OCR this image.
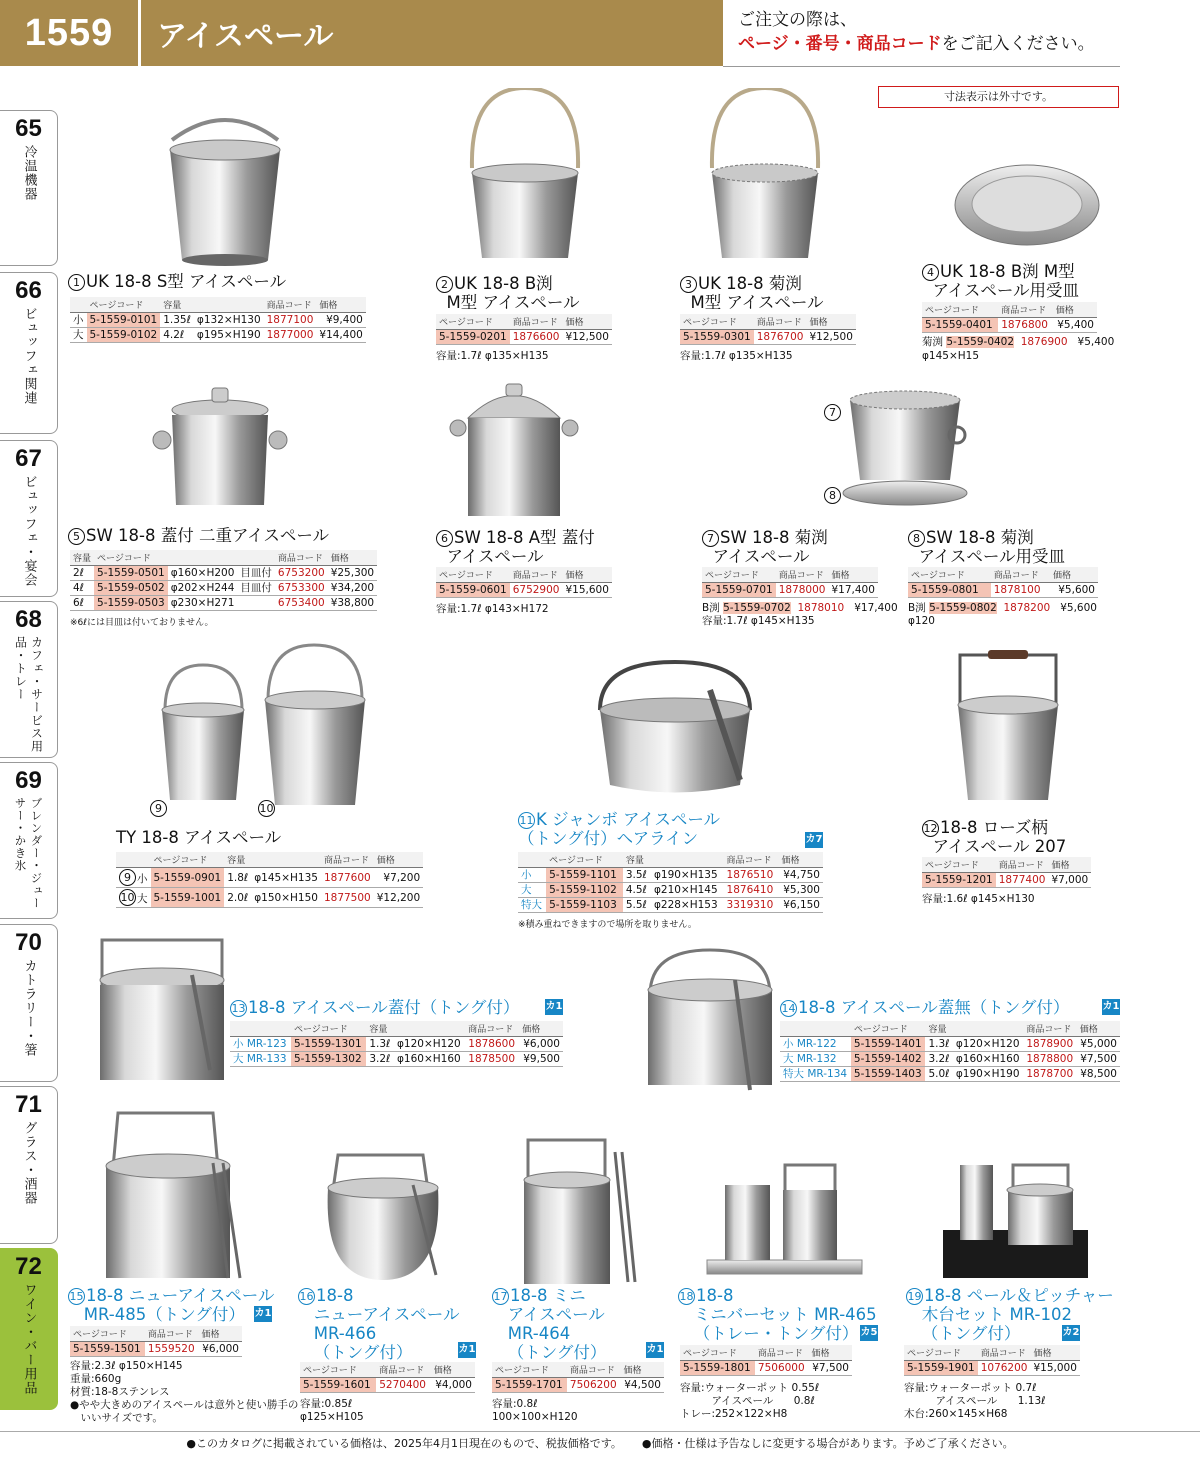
1559	アイスペール	ご注文の際は、
ページ・番号・商品コードをご記入ください。
寸法表示は外寸です。
65
冷温機器
66
ビュッフェ関連
67
ビュッフェ・宴会
68
カフェ・サービス用品・トレー
69
ブレンダー・ジューサー・かき氷
70
カトラリー・箸
71
グラス・酒器
72
ワイン・バー用品
1 UK 18-8 S型 アイスペール
	ページコード	容量		商品コード	価格
小	5-1559-0101	1.35ℓ	φ132×H130	1877100	¥9,400
大	5-1559-0102	4.2ℓ	φ195×H190	1877000	¥14,400
2 UK 18-8 B渕
M型 アイスペール
ページコード	商品コード	価格
5-1559-0201	1876600	¥12,500
容量:1.7ℓ φ135×H135
3 UK 18-8 菊渕
M型 アイスペール
ページコード	商品コード	価格
5-1559-0301	1876700	¥12,500
容量:1.7ℓ φ135×H135
4 UK 18-8 B渕 M型
アイスペール用受皿
ページコード	商品コード	価格
5-1559-0401	1876800	¥5,400
菊渕 5-1559-0402 1876900 ¥5,400
φ145×H15
5 SW 18-8 蓋付 二重アイスペール
容量	ページコード			商品コード	価格
2ℓ	5-1559-0501	φ160×H200	目皿付	6753200	¥25,300
4ℓ	5-1559-0502	φ202×H244	目皿付	6753300	¥34,200
6ℓ	5-1559-0503	φ230×H271		6753400	¥38,800
※6ℓには目皿は付いておりません。
6 SW 18-8 A型 蓋付
アイスペール
ページコード	商品コード	価格
5-1559-0601	6752900	¥15,600
容量:1.7ℓ φ143×H172
7
8
7 SW 18-8 菊渕
アイスペール
ページコード	商品コード	価格
5-1559-0701	1878000	¥17,400
B渕 5-1559-0702 1878010 ¥17,400
容量:1.7ℓ φ145×H135
8 SW 18-8 菊渕
アイスペール用受皿
ページコード	商品コード	価格
5-1559-0801	1878100	¥5,600
B渕 5-1559-0802 1878200 ¥5,600
φ120
9	10
TY 18-8 アイスペール
	ページコード	容量		商品コード	価格
9 小	5-1559-0901	1.8ℓ	φ145×H135	1877600	¥7,200
10 大	5-1559-1001	2.0ℓ	φ150×H150	1877500	¥12,200
11 K ジャンボ アイスペール
（トング付）ヘアライン	カ7
	ページコード	容量		商品コード	価格
小	5-1559-1101	3.5ℓ	φ190×H135	1876510	¥4,750
大	5-1559-1102	4.5ℓ	φ210×H145	1876410	¥5,300
特大	5-1559-1103	5.5ℓ	φ228×H153	3319310	¥6,150
※積み重ねできますので場所を取りません。
12 18-8 ローズ柄
アイスペール 207
ページコード	商品コード	価格
5-1559-1201	1877400	¥7,000
容量:1.6ℓ φ145×H130
13 18-8 アイスペール蓋付（トング付）	カ1
	ページコード	容量		商品コード	価格
小 MR-123	5-1559-1301	1.3ℓ	φ120×H120	1878600	¥6,000
大 MR-133	5-1559-1302	3.2ℓ	φ160×H160	1878500	¥9,500
14 18-8 アイスペール蓋無（トング付）	カ1
	ページコード	容量		商品コード	価格
小 MR-122	5-1559-1401	1.3ℓ	φ120×H120	1878900	¥5,000
大 MR-132	5-1559-1402	3.2ℓ	φ160×H160	1878800	¥7,500
特大 MR-134	5-1559-1403	5.0ℓ	φ190×H190	1878700	¥8,500
15 18-8 ニューアイスペール
MR-485（トング付） カ1
ページコード	商品コード	価格
5-1559-1501	1559520	¥6,000
容量:2.3ℓ φ150×H145
重量:660g
材質:18-8ステンレス
●やや大きめのアイスペールは意外と使い勝手の
　いいサイズです。
16 18-8
ニューアイスペール
MR-466
（トング付）	カ1
ページコード	商品コード	価格
5-1559-1601	5270400	¥4,000
容量:0.85ℓ
φ125×H105
17 18-8 ミニ
アイスペール
MR-464
（トング付）	カ1
ページコード	商品コード	価格
5-1559-1701	7506200	¥4,500
容量:0.8ℓ
100×100×H120
18 18-8
ミニバーセット MR-465
（トレー・トング付） カ5
ページコード	商品コード	価格
5-1559-1801	7506000	¥7,500
容量:ウォーターポット 0.55ℓ
　　　アイスペール　   0.8ℓ
トレー:252×122×H8
19 18-8 ペール＆ピッチャー
木台セット MR-102
（トング付）	カ2
ページコード	商品コード	価格
5-1559-1901	1076200	¥15,000
容量:ウォーターポット 0.7ℓ
　　　アイスペール　   1.13ℓ
木台:260×145×H68
●このカタログに掲載されている価格は、2025年4月1日現在のもので、税抜価格です。 ●価格・仕様は予告なしに変更する場合があります。予めご了承ください。
